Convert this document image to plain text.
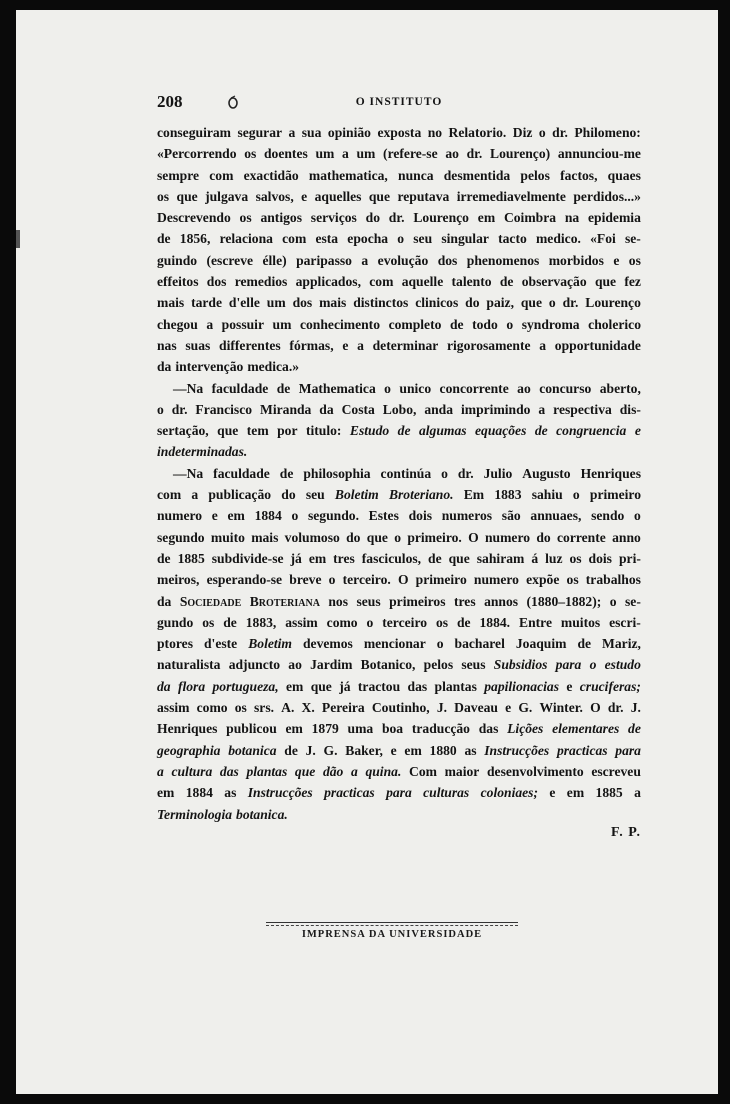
208	O INSTITUTO
conseguiram segurar a sua opinião exposta no Relatorio. Diz o dr. Philomeno:
«Percorrendo os doentes um a um (refere-se ao dr. Lourenço) annunciou-me
sempre com exactidão mathematica, nunca desmentida pelos factos, quaes
os que julgava salvos, e aquelles que reputava irremediavelmente perdidos...»
Descrevendo os antigos serviços do dr. Lourenço em Coimbra na epidemia
de 1856, relaciona com esta epocha o seu singular tacto medico. «Foi se-
guindo (escreve élle) paripasso a evolução dos phenomenos morbidos e os
effeitos dos remedios applicados, com aquelle talento de observação que fez
mais tarde d'elle um dos mais distinctos clinicos do paiz, que o dr. Lourenço
chegou a possuir um conhecimento completo de todo o syndroma cholerico
nas suas differentes fórmas, e a determinar rigorosamente a opportunidade
da intervenção medica.»
—Na faculdade de Mathematica o unico concorrente ao concurso aberto,
o dr. Francisco Miranda da Costa Lobo, anda imprimindo a respectiva dis-
sertação, que tem por titulo: Estudo de algumas equações de congruencia e
indeterminadas.
—Na faculdade de philosophia continúa o dr. Julio Augusto Henriques
com a publicação do seu Boletim Broteriano. Em 1883 sahiu o primeiro
numero e em 1884 o segundo. Estes dois numeros são annuaes, sendo o
segundo muito mais volumoso do que o primeiro. O numero do corrente anno
de 1885 subdivide-se já em tres fasciculos, de que sahiram á luz os dois pri-
meiros, esperando-se breve o terceiro. O primeiro numero expõe os trabalhos
da Sociedade Broteriana nos seus primeiros tres annos (1880–1882); o se-
gundo os de 1883, assim como o terceiro os de 1884. Entre muitos escri-
ptores d'este Boletim devemos mencionar o bacharel Joaquim de Mariz,
naturalista adjuncto ao Jardim Botanico, pelos seus Subsidios para o estudo
da flora portugueza, em que já tractou das plantas papilionacias e cruciferas;
assim como os srs. A. X. Pereira Coutinho, J. Daveau e G. Winter. O dr. J.
Henriques publicou em 1879 uma boa traducção das Lições elementares de
geographia botanica de J. G. Baker, e em 1880 as Instrucções practicas para
a cultura das plantas que dão a quina. Com maior desenvolvimento escreveu
em 1884 as Instrucções practicas para culturas coloniaes; e em 1885 a
Terminologia botanica.
F. P.
IMPRENSA DA UNIVERSIDADE
